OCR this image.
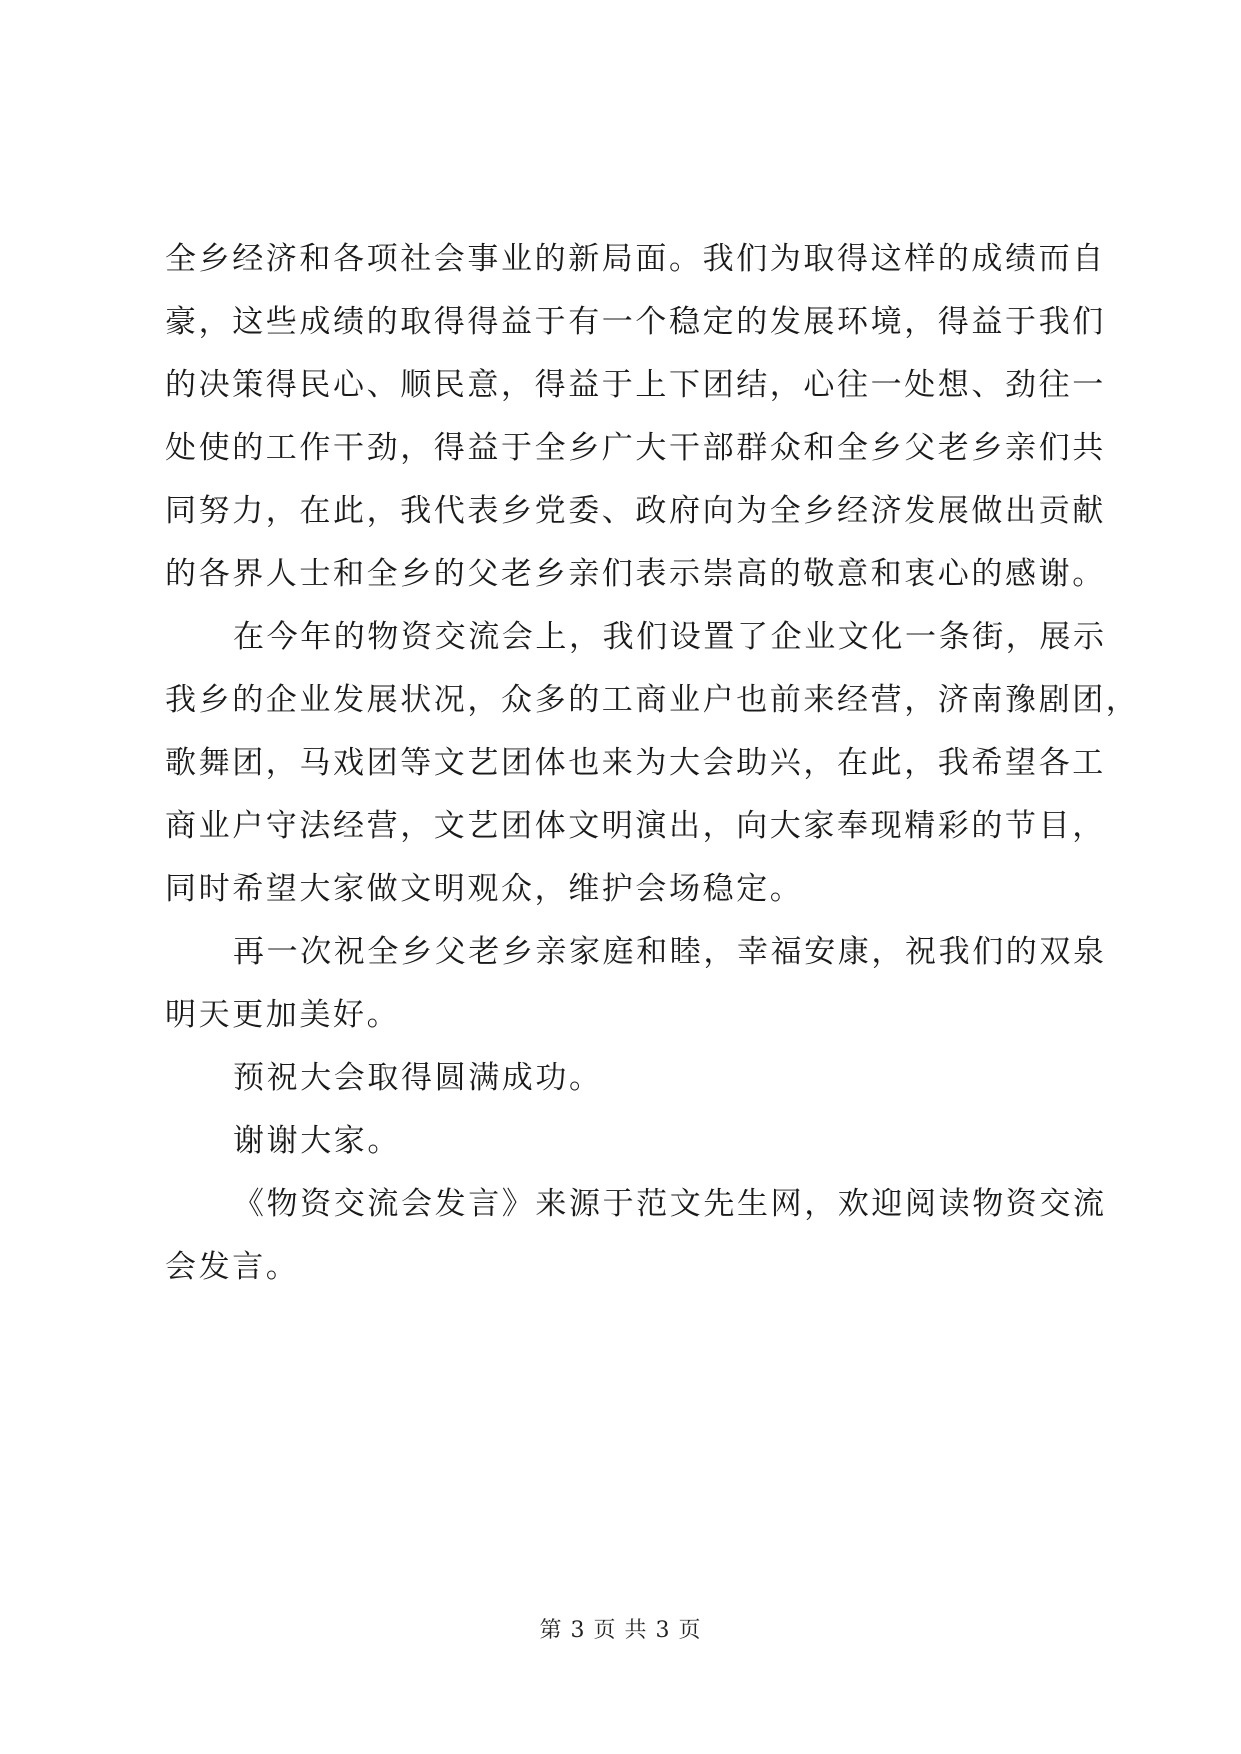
全乡经济和各项社会事业的新局面。我们为取得这样的成绩而自
豪，这些成绩的取得得益于有一个稳定的发展环境，得益于我们
的决策得民心、顺民意，得益于上下团结，心往一处想、劲往一
处使的工作干劲，得益于全乡广大干部群众和全乡父老乡亲们共
同努力，在此，我代表乡党委、政府向为全乡经济发展做出贡献
的各界人士和全乡的父老乡亲们表示崇高的敬意和衷心的感谢。
在今年的物资交流会上，我们设置了企业文化一条街，展示
我乡的企业发展状况，众多的工商业户也前来经营，济南豫剧团，
歌舞团，马戏团等文艺团体也来为大会助兴，在此，我希望各工
商业户守法经营，文艺团体文明演出，向大家奉现精彩的节目，
同时希望大家做文明观众，维护会场稳定。
再一次祝全乡父老乡亲家庭和睦，幸福安康，祝我们的双泉
明天更加美好。
预祝大会取得圆满成功。
谢谢大家。
《物资交流会发言》来源于范文先生网，欢迎阅读物资交流
会发言。
第 3 页 共 3 页
